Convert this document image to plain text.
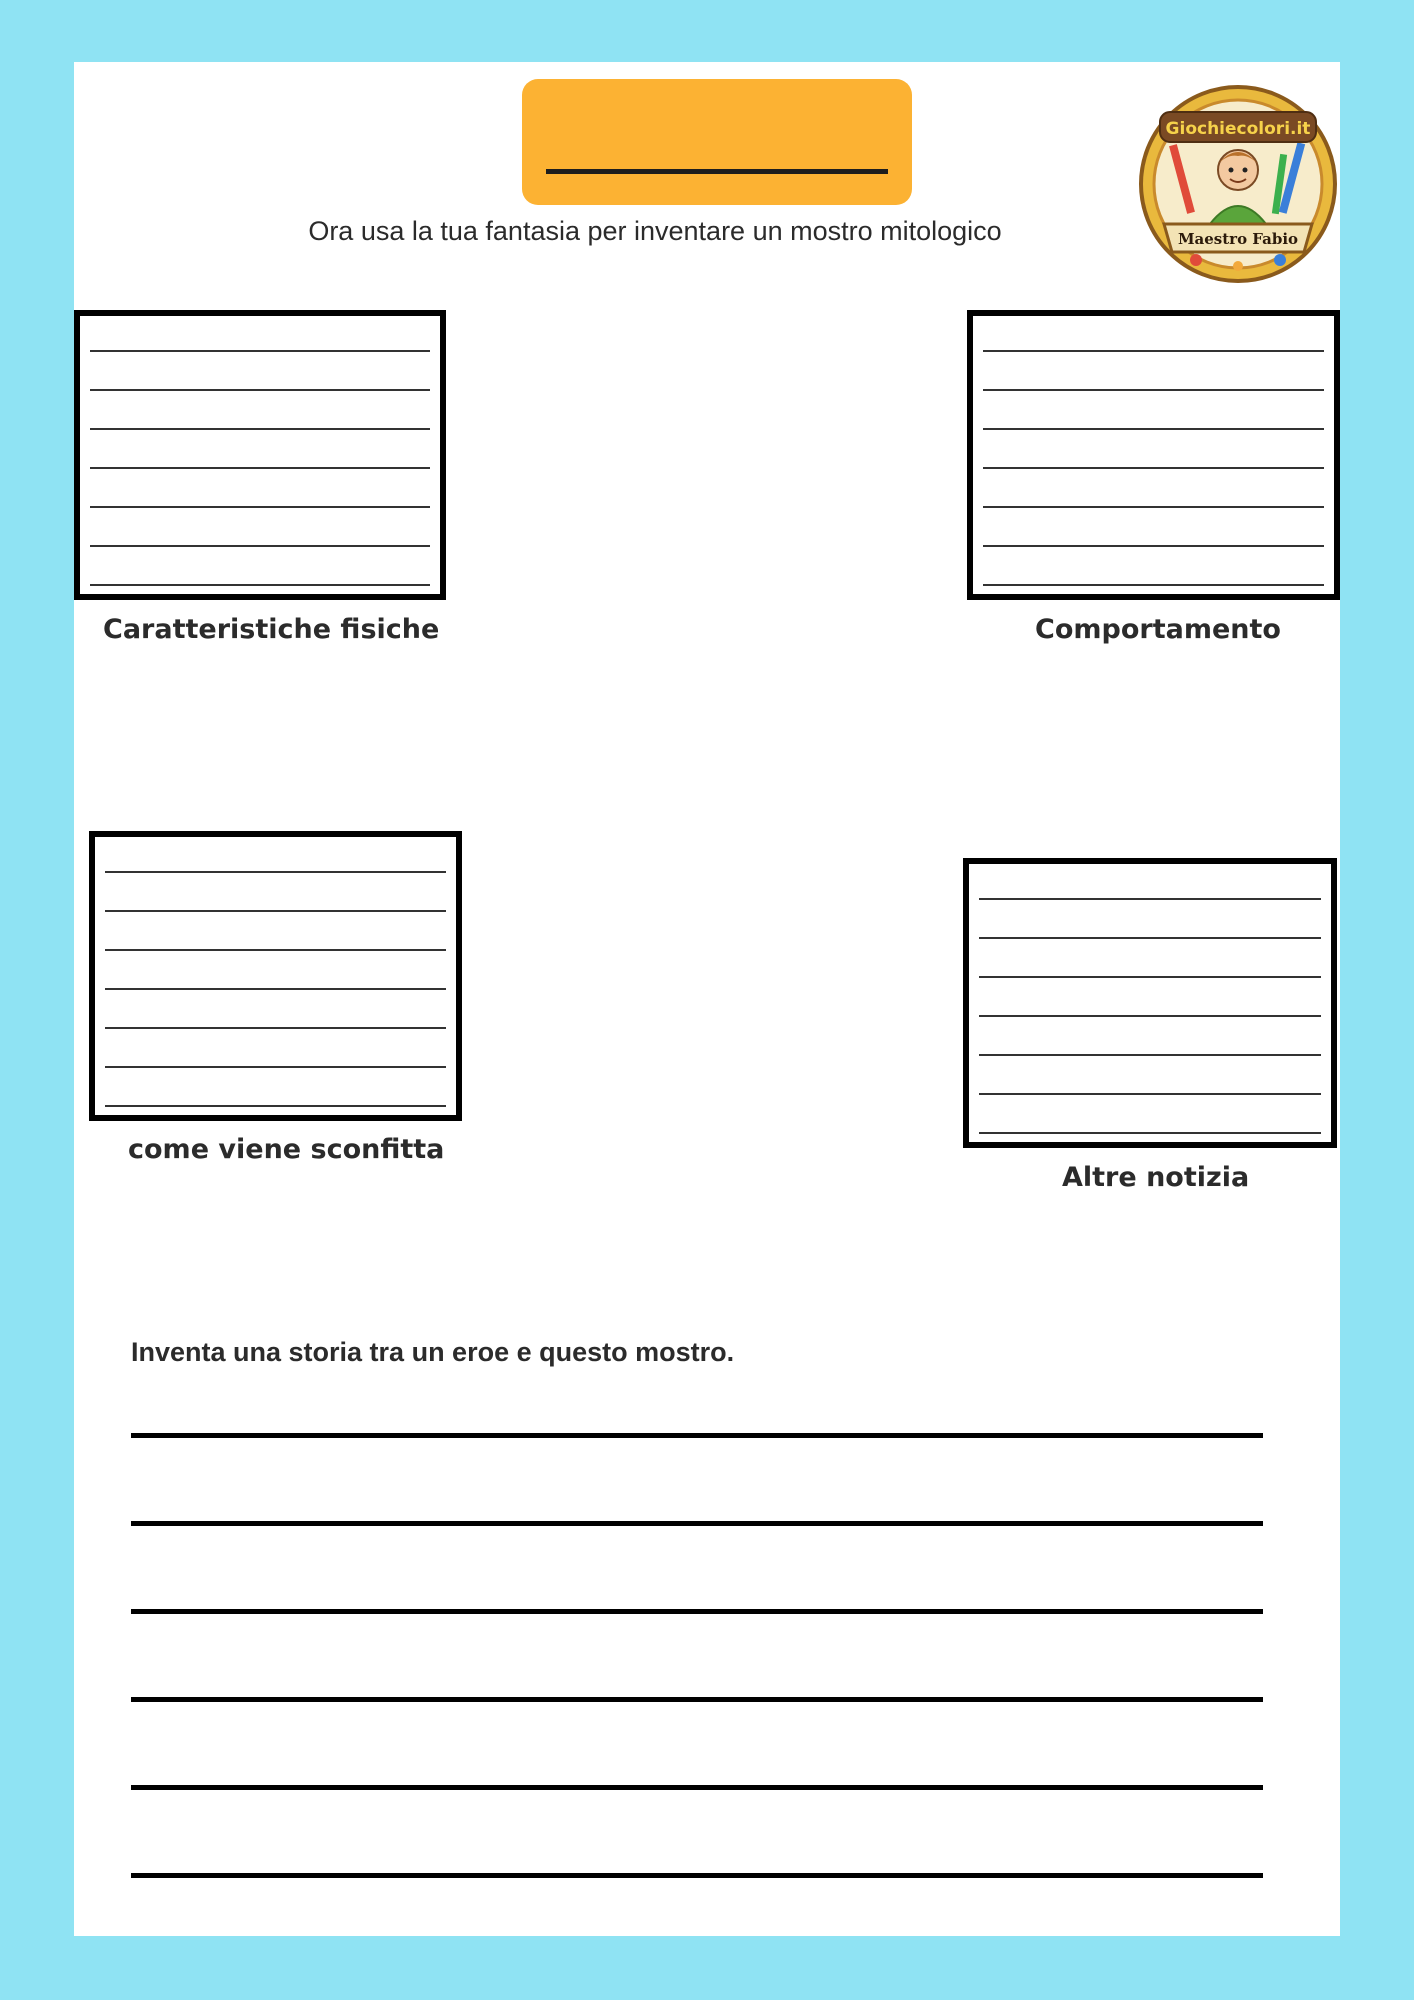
Ora usa la tua fantasia per inventare un mostro mitologico
Giochiecolori.it
Maestro Fabio
Caratteristiche fisiche	Comportamento
come viene sconfitta
Altre notizia
Inventa una storia tra un eroe e questo mostro.
